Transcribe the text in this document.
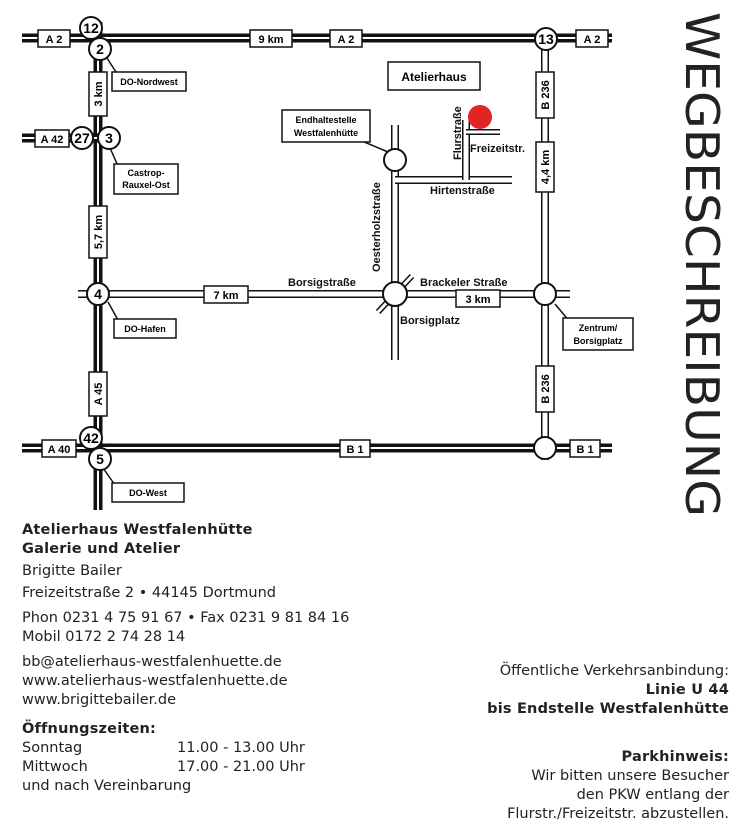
12
2
13
27 3
4
42
5
A 2	9 km	A 2	A 2
A 42
7 km	3 km
A 40	B 1	B 1
3 km
5,7 km
A 45
B 236
4,4 km
B 236
DO-Nordwest
Castrop-
Rauxel-Ost
DO-Hafen
DO-West
Zentrum/
Borsigplatz
Endhaltestelle
Westfalenhütte
Atelierhaus
Flurstraße Freizeitstr.
Hirtenstraße
Oesterholzstraße
Borsigstraße	Brackeler Straße
Borsigplatz	WEGBESCHREIBUNG
Atelierhaus Westfalenhütte
Galerie und Atelier
Brigitte Bailer
Freizeitstraße 2 • 44145 Dortmund
Phon 0231 4 75 91 67 • Fax 0231 9 81 84 16
Mobil 0172 2 74 28 14
bb@atelierhaus-westfalenhuette.de
www.atelierhaus-westfalenhuette.de
www.brigittebailer.de
Öffnungszeiten:
Sonntag	11.00 - 13.00 Uhr
Mittwoch	17.00 - 21.00 Uhr
und nach Vereinbarung
Öffentliche Verkehrsanbindung:
Linie U 44
bis Endstelle Westfalenhütte
Parkhinweis:
Wir bitten unsere Besucher
den PKW entlang der
Flurstr./Freizeitstr. abzustellen.
